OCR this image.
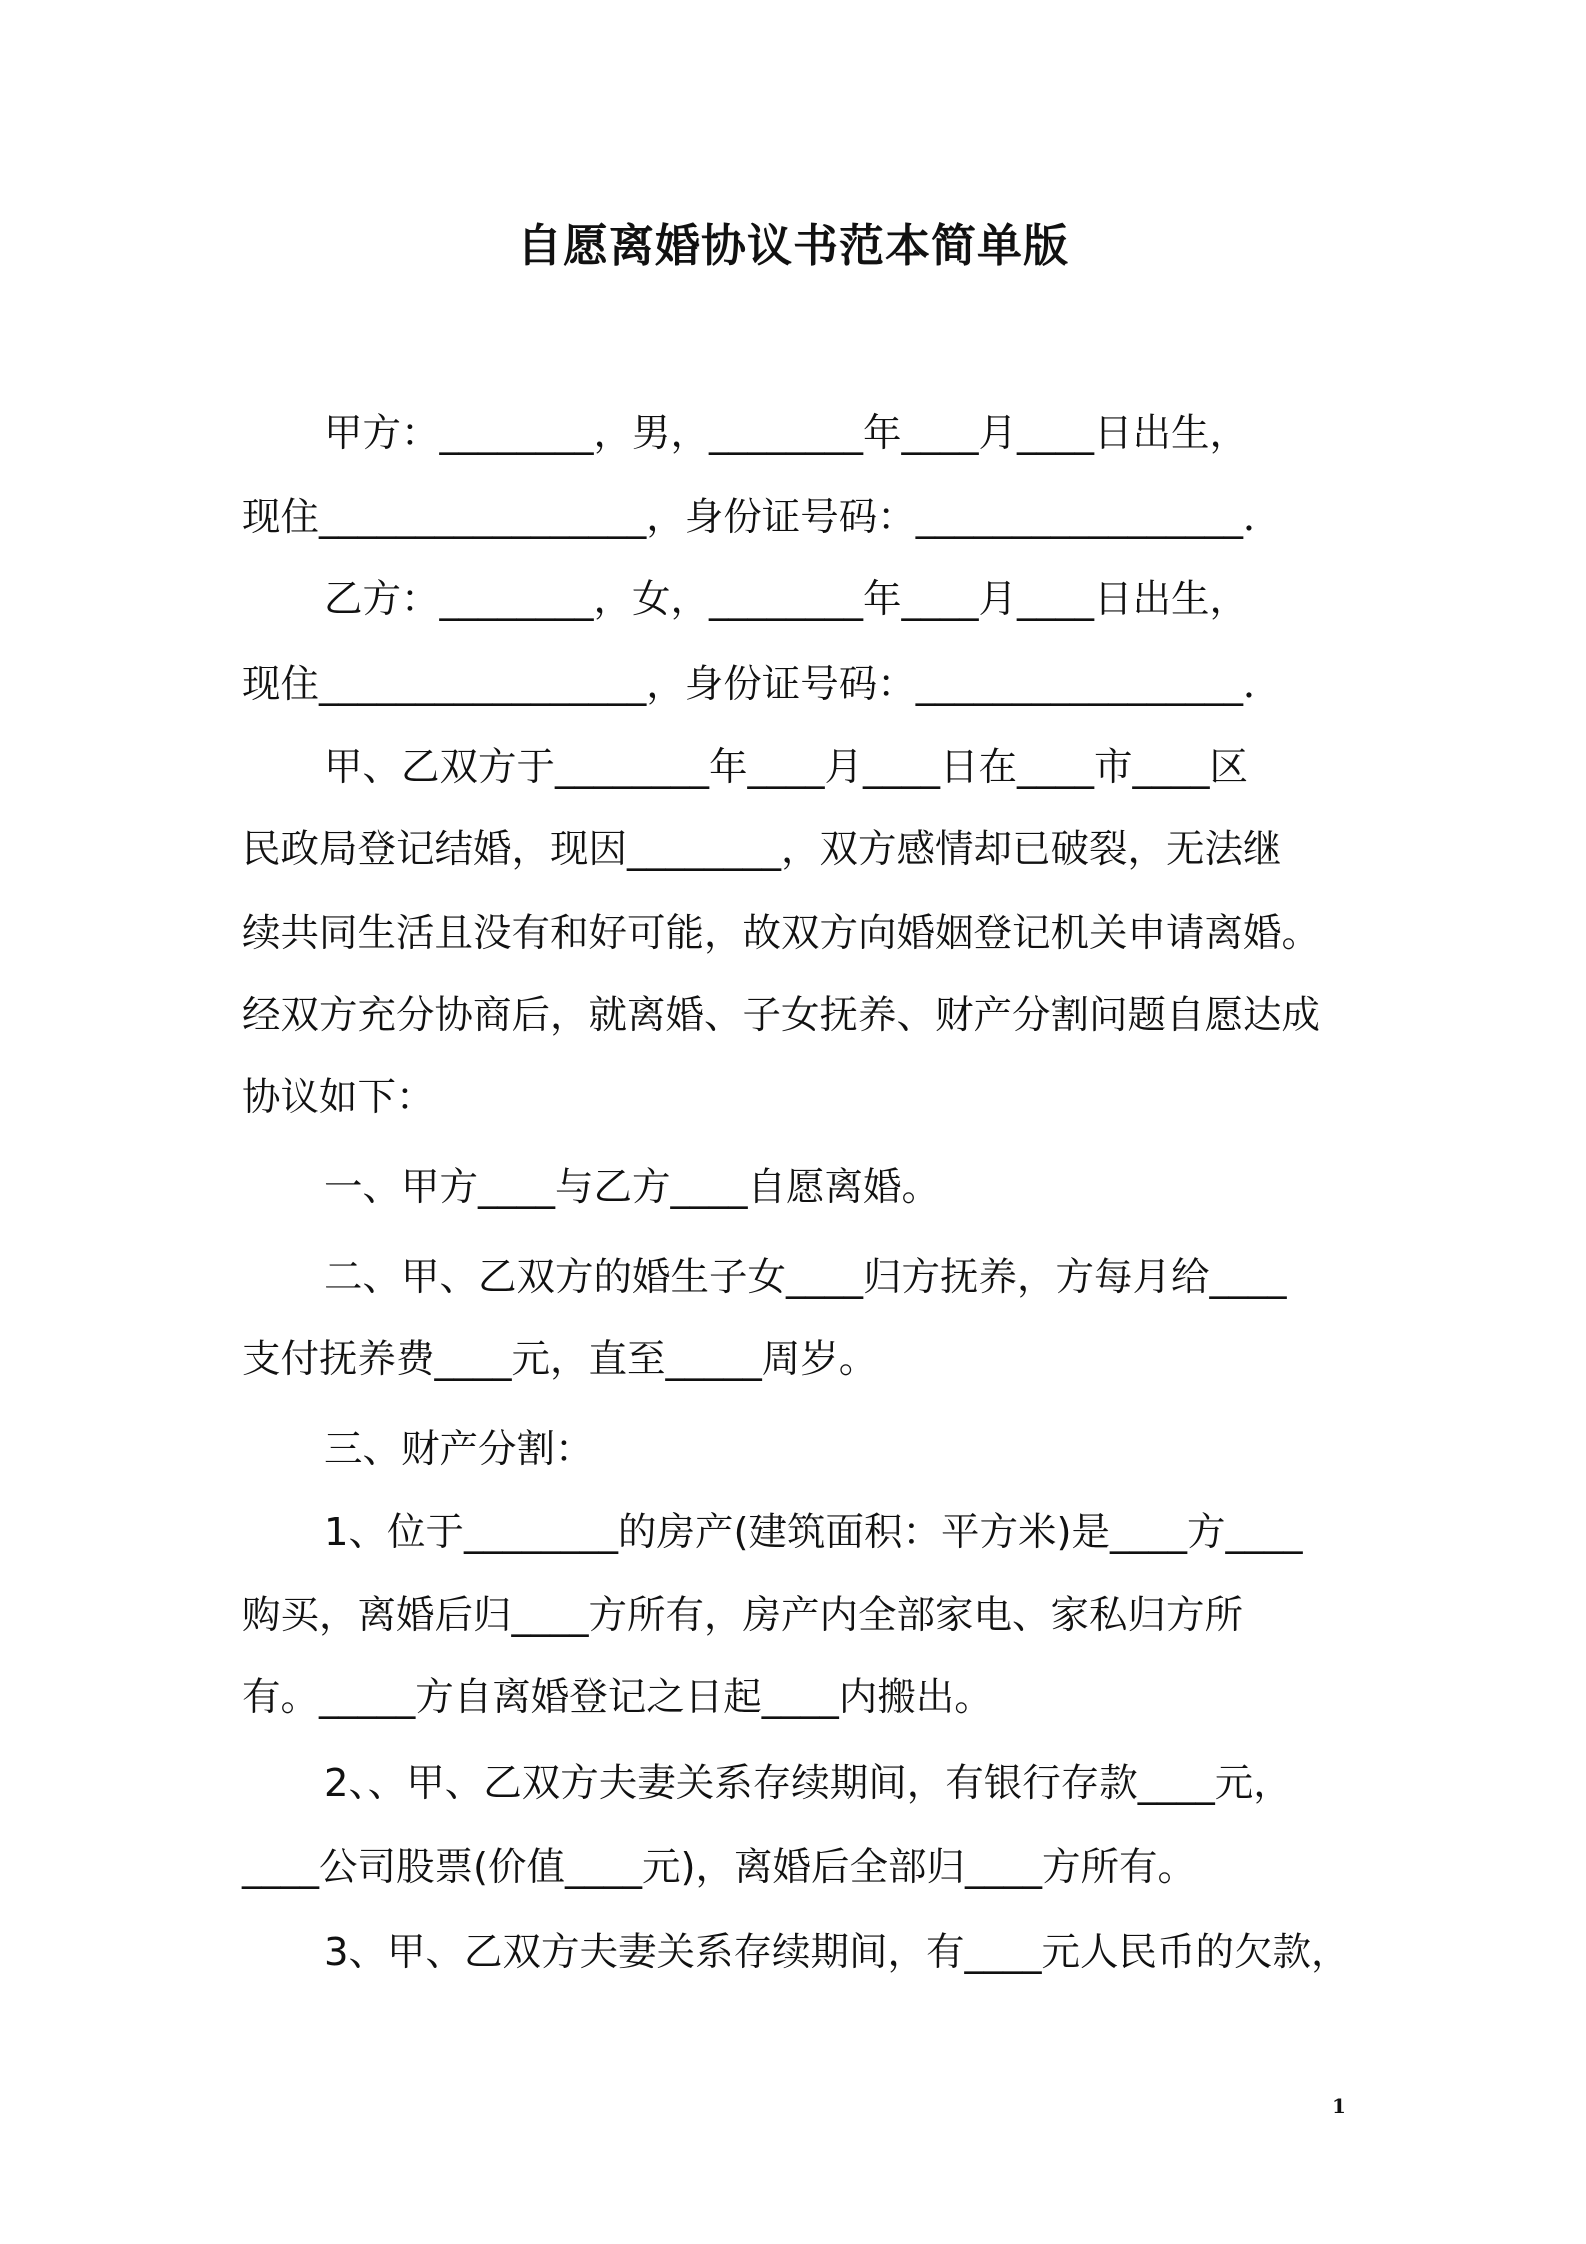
自愿离婚协议书范本简单版
甲方：________，男，________年____月____日出生，
现住_________________，身份证号码：_________________．
乙方：________，女，________年____月____日出生，
现住_________________，身份证号码：_________________．
甲、乙双方于________年____月____日在____市____区
民政局登记结婚，现因________，双方感情却已破裂，无法继
续共同生活且没有和好可能，故双方向婚姻登记机关申请离婚。
经双方充分协商后，就离婚、子女抚养、财产分割问题自愿达成
协议如下：
一、甲方____与乙方____自愿离婚。
二、甲、乙双方的婚生子女____归方抚养，方每月给____
支付抚养费____元，直至_____周岁。
三、财产分割：
1、位于________的房产(建筑面积：平方米)是____方____
购买，离婚后归____方所有，房产内全部家电、家私归方所
有。_____方自离婚登记之日起____内搬出。
2、、甲、乙双方夫妻关系存续期间，有银行存款____元，
____公司股票(价值____元)，离婚后全部归____方所有。
3、甲、乙双方夫妻关系存续期间，有____元人民币的欠款，
1
